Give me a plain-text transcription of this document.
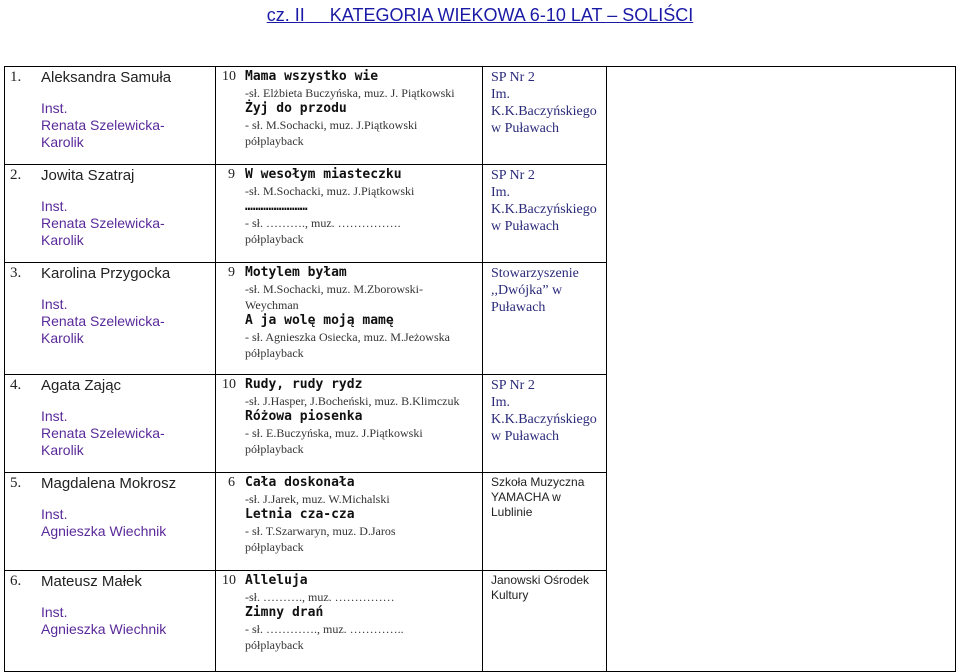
cz. II KATEGORIA WIEKOWA 6-10 LAT – SOLIŚCI
1. Aleksandra Samuła
Inst.
Renata Szelewicka-
Karolik
10 Mama wszystko wie
-sł. Elżbieta Buczyńska, muz. J. Piątkowski
Żyj do przodu
- sł. M.Sochacki, muz. J.Piątkowski
półplayback
SP Nr 2
Im.
K.K.Baczyńskiego
w Puławach
2. Jowita Szatraj
Inst.
Renata Szelewicka-
Karolik
9 W wesołym miasteczku
-sł. M.Sochacki, muz. J.Piątkowski
……………………
- sł. ………., muz. …………….
półplayback
SP Nr 2
Im.
K.K.Baczyńskiego
w Puławach
3. Karolina Przygocka
Inst.
Renata Szelewicka-
Karolik
9 Motylem byłam
-sł. M.Sochacki, muz. M.Zborowski-
Weychman
A ja wolę moją mamę
- sł. Agnieszka Osiecka, muz. M.Jeżowska
półplayback
Stowarzyszenie
,,Dwójka” w
Puławach
4. Agata Zając
Inst.
Renata Szelewicka-
Karolik
10 Rudy, rudy rydz
-sł. J.Hasper, J.Bocheński, muz. B.Klimczuk
Różowa piosenka
- sł. E.Buczyńska, muz. J.Piątkowski
półplayback
SP Nr 2
Im.
K.K.Baczyńskiego
w Puławach
5. Magdalena Mokrosz
Inst.
Agnieszka Wiechnik
6 Cała doskonała
-sł. J.Jarek, muz. W.Michalski
Letnia cza-cza
- sł. T.Szarwaryn, muz. D.Jaros
półplayback
Szkoła Muzyczna
YAMACHA w
Lublinie
6. Mateusz Małek
Inst.
Agnieszka Wiechnik
10 Alleluja
-sł. ………., muz. ……………
Zimny drań
- sł. …………., muz. …………..
półplayback
Janowski Ośrodek
Kultury
